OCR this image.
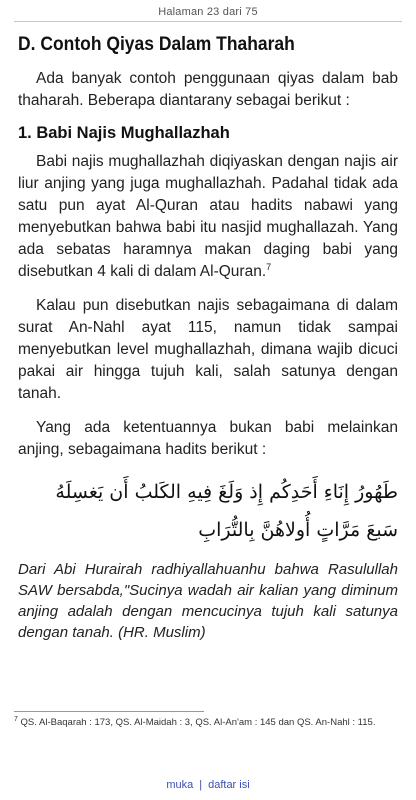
Halaman 23 dari 75
D. Contoh Qiyas Dalam Thaharah

Ada banyak contoh penggunaan qiyas dalam bab thaharah. Beberapa diantarany sebagai berikut :

1. Babi Najis Mughallazhah

Babi najis mughallazhah diqiyaskan dengan najis air liur anjing yang juga mughallazhah. Padahal tidak ada satu pun ayat Al-Quran atau hadits nabawi yang menyebutkan bahwa babi itu nasjid mughallazah. Yang ada sebatas haramnya makan daging babi yang disebutkan 4 kali di dalam Al-Quran.$^7$

Kalau pun disebutkan najis sebagaimana di dalam surat An-Nahl ayat 115, namun tidak sampai menyebutkan level mughallazhah, dimana wajib dicuci pakai air hingga tujuh kali, salah satunya dengan tanah.

Yang ada ketentuannya bukan babi melainkan anjing, sebagaimana hadits berikut :

طَهُورُ إِنَاءِ أَحَدِكُم إِذ وَلَغَ فِيهِ الكَلبُ أَن يَغسِلَهُ سَبعَ مَرَّاتٍ أُولاهُنَّ بِالتُّرَابِ

Dari Abi Hurairah radhiyallahuanhu bahwa Rasulullah SAW bersabda,"Sucinya wadah air kalian yang diminum anjing adalah dengan mencucinya tujuh kali satunya dengan tanah. (HR. Muslim)

$^7$ QS. Al-Baqarah : 173, QS. Al-Maidah : 3, QS. Al-An'am : 145 dan QS. An-Nahl : 115.
muka | daftar isi
